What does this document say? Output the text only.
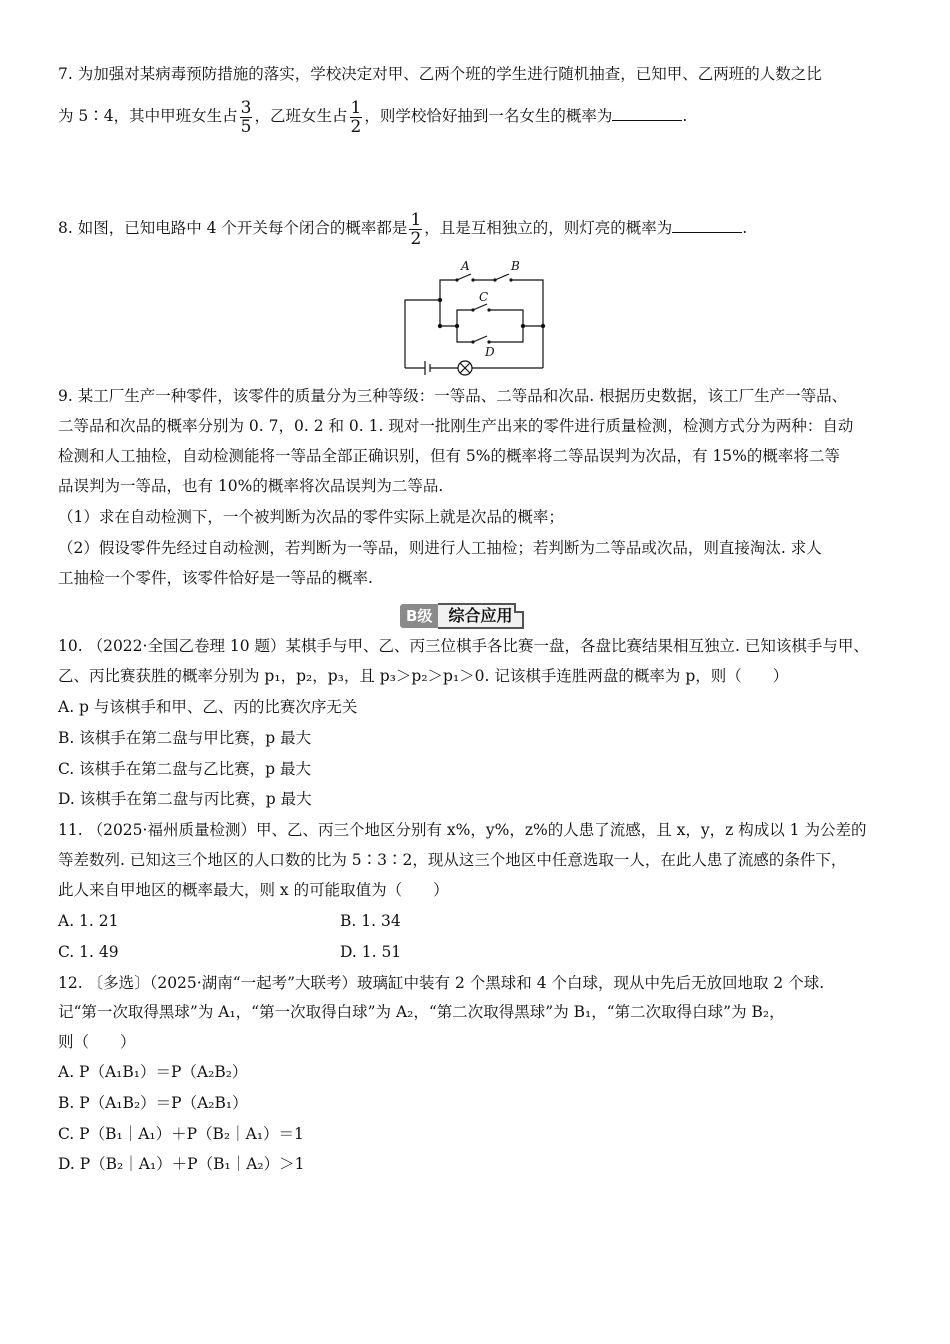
7. 为加强对某病毒预防措施的落实，学校决定对甲、乙两个班的学生进行随机抽查，已知甲、乙两班的人数之比
为 5∶4，其中甲班女生占 $\frac{3}{5}$ ，乙班女生占 $\frac{1}{2}$ ，则学校恰好抽到一名女生的概率为	.
8. 如图，已知电路中 4 个开关每个闭合的概率都是 $\frac{1}{2}$ ，且是互相独立的，则灯亮的概率为	.
A	B
C
D
9. 某工厂生产一种零件，该零件的质量分为三种等级：一等品、二等品和次品. 根据历史数据，该工厂生产一等品、
二等品和次品的概率分别为 0. 7，0. 2 和 0. 1. 现对一批刚生产出来的零件进行质量检测，检测方式分为两种：自动
检测和人工抽检，自动检测能将一等品全部正确识别，但有 5%的概率将二等品误判为次品，有 15%的概率将二等
品误判为一等品，也有 10%的概率将次品误判为二等品.
（1）求在自动检测下，一个被判断为次品的零件实际上就是次品的概率；
（2）假设零件先经过自动检测，若判断为一等品，则进行人工抽检；若判断为二等品或次品，则直接淘汰. 求人
工抽检一个零件，该零件恰好是一等品的概率.
B级	综合应用
10. （2022·全国乙卷理 10 题）某棋手与甲、乙、丙三位棋手各比赛一盘，各盘比赛结果相互独立. 已知该棋手与甲、
乙、丙比赛获胜的概率分别为 p₁，p₂，p₃，且 p₃＞p₂＞p₁＞0. 记该棋手连胜两盘的概率为 p，则（　　）
A. p 与该棋手和甲、乙、丙的比赛次序无关
B. 该棋手在第二盘与甲比赛，p 最大
C. 该棋手在第二盘与乙比赛，p 最大
D. 该棋手在第二盘与丙比赛，p 最大
11. （2025·福州质量检测）甲、乙、丙三个地区分别有 x%，y%，z%的人患了流感，且 x，y，z 构成以 1 为公差的
等差数列. 已知这三个地区的人口数的比为 5∶3∶2，现从这三个地区中任意选取一人，在此人患了流感的条件下，
此人来自甲地区的概率最大，则 x 的可能取值为（　　）
A. 1. 21	B. 1. 34
C. 1. 49	D. 1. 51
12. 〔多选〕（2025·湖南“一起考”大联考）玻璃缸中装有 2 个黑球和 4 个白球，现从中先后无放回地取 2 个球.
记“第一次取得黑球”为 A₁，“第一次取得白球”为 A₂，“第二次取得黑球”为 B₁，“第二次取得白球”为 B₂，
则（　　）
A. P（A₁B₁）＝P（A₂B₂）
B. P（A₁B₂）＝P（A₂B₁）
C. P（B₁｜A₁）＋P（B₂｜A₁）＝1
D. P（B₂｜A₁）＋P（B₁｜A₂）＞1
